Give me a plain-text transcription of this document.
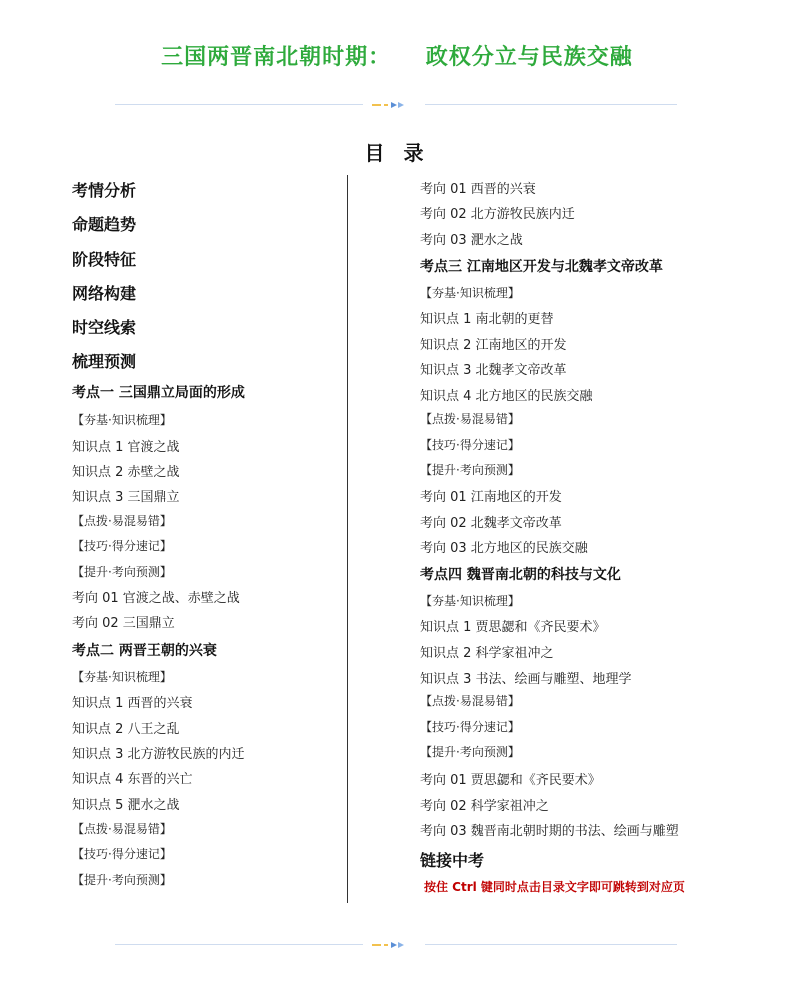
三国两晋南北朝时期：    政权分立与民族交融
目 录
考情分析
命题趋势
阶段特征
网络构建
时空线索
梳理预测
考点一 三国鼎立局面的形成
【夯基·知识梳理】
知识点 1 官渡之战
知识点 2 赤壁之战
知识点 3 三国鼎立
【点拨·易混易错】
【技巧·得分速记】
【提升·考向预测】
考向 01 官渡之战、赤壁之战
考向 02 三国鼎立
考点二 两晋王朝的兴衰
【夯基·知识梳理】
知识点 1 西晋的兴衰
知识点 2 八王之乱
知识点 3 北方游牧民族的内迁
知识点 4 东晋的兴亡
知识点 5 淝水之战
【点拨·易混易错】
【技巧·得分速记】
【提升·考向预测】
考向 01 西晋的兴衰
考向 02 北方游牧民族内迁
考向 03 淝水之战
考点三 江南地区开发与北魏孝文帝改革
【夯基·知识梳理】
知识点 1 南北朝的更替
知识点 2 江南地区的开发
知识点 3 北魏孝文帝改革
知识点 4 北方地区的民族交融
【点拨·易混易错】
【技巧·得分速记】
【提升·考向预测】
考向 01 江南地区的开发
考向 02 北魏孝文帝改革
考向 03 北方地区的民族交融
考点四 魏晋南北朝的科技与文化
【夯基·知识梳理】
知识点 1 贾思勰和《齐民要术》
知识点 2 科学家祖冲之
知识点 3 书法、绘画与雕塑、地理学
【点拨·易混易错】
【技巧·得分速记】
【提升·考向预测】
考向 01 贾思勰和《齐民要术》
考向 02 科学家祖冲之
考向 03 魏晋南北朝时期的书法、绘画与雕塑
链接中考
按住 Ctrl 键同时点击目录文字即可跳转到对应页
